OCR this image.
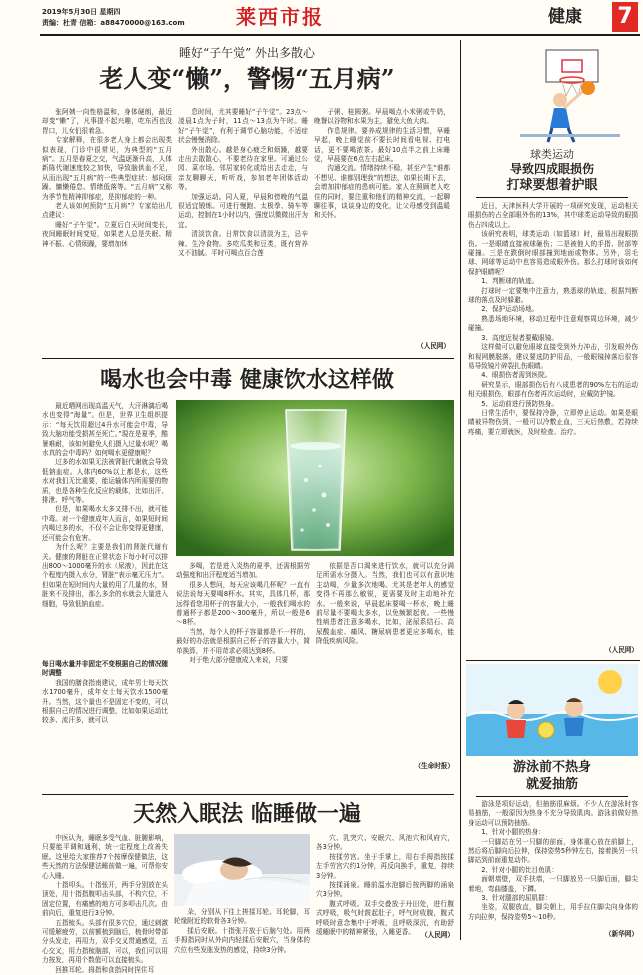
2019年5月30日 星期四
责编：杜青 信箱：a88470000@163.com	莱西市报	健康 7
睡好“子午觉” 外出多散心
老人变“懒”，警惕“五月病”

张阿姨一向性格温和，身体硬朗，最近却变“懒”了，凡事提不起兴趣，吃东西也没胃口，儿女们很着急。

专家解释，在很多老人身上都会出现类似表现，门诊中很常见，为典型的“五月病”。五月是春夏之交，气温逐渐升高，人体新陈代谢速度较之加快，导致脑供血不足，从而出现“五月病”的一些典型症状：郁闷烦躁、慵懒倦怠、情绪低落等。“五月病”又称为季节性精神抑郁症，是抑郁症的一种。

老人该如何预防“五月病”？专家给出几点建议：

睡好“子午觉”。立夏后白天时间变长，夜间睡眠时间变短，如果老人总是失眠、精神不振、心情烦躁，要增加休

息时间，尤其要睡好“子午觉”。23点～凌晨1点为子时，11点～13点为午时。睡好“子午觉”，有利于调节心脑功能，不适症状会慢慢消除。

外出散心。越是身心疲乏和烦躁，越要走出去散散心，不要老待在家里。可通过公园、菜市场、邻居家转化或给出去走走，与亲友聊聊天，听听戏，参加老年团体活动等。

加强运动。同人夏，早晨和傍晚的气温很适宜锻炼。可进行慢跑、太极拳、骑车等运动，控制在1小时以内，强度以微微出汗为宜。

清淡饮食。日常饮食以清淡为主，忌辛辣、生冷食物。多吃瓜类和豆类，既有营养又不油腻。平时可喝点百合莲

子粥、桂圆粥。早晨喝点小米粥或牛奶，晚餐以谷物和水果为主，避免大鱼大肉。

作息规律。要养成规律的生活习惯，早睡早起，晚上睡觉前不要长时间看电视、打电话，更不要喝浓茶。最好10点半之前上床睡觉，早晨要在6点左右起床。

沟通交流。情绪持续不稳，甚至产生“谁都不想见、谁都别理我”的想法，如果长期下去，会增加抑郁症的患病可能。家人在照顾老人吃住的同时，要注重和他们的精神交流，一起聊聊往事，谈谈身边的变化，让父母感受到温暖和关怀。

（人民网）
喝水也会中毒 健康饮水这样做

最近晒网出现高温天气，大汗淋漓后喝水也变得“海量”。但是，世界卫生组织提示：“每天饮用超过4升水可能会中毒，导致大脑功能受损甚至死亡。”現在是夏季，酷暑难耐，该如何避免人们摄入过量水呢？喝水真的会中毒吗？如何喝水更健康呢？

过多的水如果无法被肾脏代谢就会导致低钠血症。人体内60%以上都是水，这些水对我们无比重要，能运输体内所需要的物质，也是各种生化反应的载体，比如出汗、排泄、呼气等。

但是，如果喝水太多又排不出，就可能中毒。对一个健康成年人而言，如果短时间内喝过多的水，不仅不会让你变得更健康，还可能会有危害。

为什么呢？主要是我们的肾脏代谢有关。健康的肾脏在正常状态下每小时可以排出800～1000毫升的水（尿液），因此在这个程度内摄入水分，肾脏“表示毫无压力”。但如果在短时间内大量的用了几量的水，肾脏来不及排出，那么多余的水就会大量进入细胞，导致低钠血症。

每日喝水量并非固定不变根据自己的情况随时调整

我国的膳食指南建议，成年男士每天饮水1700毫升，成年女士每天饮水1500毫升。当然，这个量也不是固定不变的，可以根据自己的情况进行调整，比如如果运动比较多、流汗多，就可以

多喝，若是进入炎热的夏季，还需根据劳动强度和出汗程度适当增加。

很多人想问，每天应该喝几杯呢？一直有说法说每天要喝8杯水。其实，具体几杯，那远得看您用杯子的容量大小，一般我们喝水的普通杯子都是200～300毫升，所以一般是6～8杯。

当然，每个人的杯子容量都是不一样的，最好的办法就是根据自己杯子的容量大小，简单换算，并不用苛求必须达到8杯。

对于绝大部分健康成人来说，只要

依据是否口渴来进行饮水，就可以充分满足所需水分摄入。当然，我们也可以有意识地主动喝，少量多次地喝。尤其是老年人的感觉变得不再那么敏锐，更需要及时主动地补充水。一般来说，早晨起床要喝一杯水，晚上睡前尽量不要喝太多水，以免频繁起夜。一些慢性病患者注意多喝水，比如，泌尿系结石、高尿酸血症、痛风、糖尿病患者更应多喝水，能降低疾病风险。

（生命时报）
天然入眠法 临睡做一遍

中医认为，睡眠多受气血、脏腑影响，只要能平调和通利，统一定程度上改善失眠。这里给大家推荐7个按摩保健做法，这些天然的方法保健法睡前做一遍，可帮你安心入睡。

十指叩头。十指张开，两手分别放在头顶处，用十指指腹叩击头部，不构穴位，不固定位置，有痛感的地方可多叩击几次。由前向后，重复进行3分钟。

五指梳头。头部有很多穴位，通过刺激可缓解疲劳，以前额梳到脑后，梳骨时带部分头发走，再用力，双手交叉贯通感觉，五心交叉，用力指梳脑部，可以，我们可以用力按发，再用个数值可以直接梳头。

回推耳轮。拇指和食指同时捏住耳

朵，分别从下往上搓揉耳轮、耳轮脚，耳轮缘附近的软骨各3分钟。

揉后安眠。十指张开放于后脑勺处。用两手拇指同时从外向内轻揉后安眠穴，当身体的穴位有些发胀发热的感觉，持续3分钟。

穴、乳突穴、安眠穴、风池穴和风府穴，各3分钟。

按揉劳宫。坐于手掌上，用右手拇指按揉左手劳宫穴约1分钟，再反向换手，重复，持续3分钟。

按揉涌泉。睡前温水泡脚后按两脚的涌泉穴3分钟。

腹式呼吸。双手交叠放于丹田处，进行腹式呼吸，吸气时鼓起肚子，呼气时收腹，腹式呼吸时意念集中于呼吸，且呼吸深沉，有助舒缓睡眠中的精神紧张，入睡更香。 （人民网）
球类运动
导致四成眼损伤
打球要想着护眼

近日，天津医科大学开展的一项研究发现，运动相关眼损伤的占全部眼外伤的13%，其中球类运动导致的眼损伤占四成以上。

该研究表明，球类运动（如篮球）时，最易出现眼损伤。一是眼睛直接被球砸伤；二是被他人的手指、肘部等碰撞。三是在跌倒时眼部撞到地面或物体。另外，羽毛球、网球等运动中也容易造成眼外伤。那么打球时该如何保护眼睛呢？

1、判断球的轨迹。

打球时一定要集中注意力，熟悉球的轨迹，根据判断球的落点及时躲避。

2、保护运动场地。

熟悉场地环境，移动过程中注意观察周边环境，减少碰撞。

3、高度近视者要戴眼镜。

这样做可以避免眼球直接受到外力冲击，引发眼外伤和视网膜脱落。建议要选防护用品，一般眼镜掉落后很容易导致镜片碎裂扎伤眼睛。

4、眼损伤者需到医院。

研究显示，眼部损伤后有八成患者的90%左右的运动相关眼损伤，眼部有伤者再次运动时，应戴防护镜。

5、运动前进行预防热身。

日常生活中，要保持冷静，立即停止运动。如果是眼睛被异物伤到，一般可以冷敷止血，三天后热敷，若持续疼痛，要立即就医，及时检查、治疗。

（人民网）
游泳前不热身
就爱抽筋

游泳是项好运动，但抽筋很麻烦。不少人在游泳时容易抽筋，一般原因为热身不充分导致肌肉。游泳前做好热身运动可以预防抽筋。

1、针对小腿的热身：

一只脚站在另一只脚的前面，身体重心放在前脚上，然后将后脚向后拉伸，保持姿势5秒钟左右，接着换另一只脚站到前面重复动作。

2、针对小腿的比目鱼肌：

面朝墙壁，双手扶墙，一只脚放另一只脚后面，脚尖着地，弯曲膝盖，下蹲。

3、针对腿部的屈肌群：

坐姿，双腿放直，脚尖朝上，用手拉住脚尖向身体的方向拉伸，保持姿势5～10秒。

（新华网）
